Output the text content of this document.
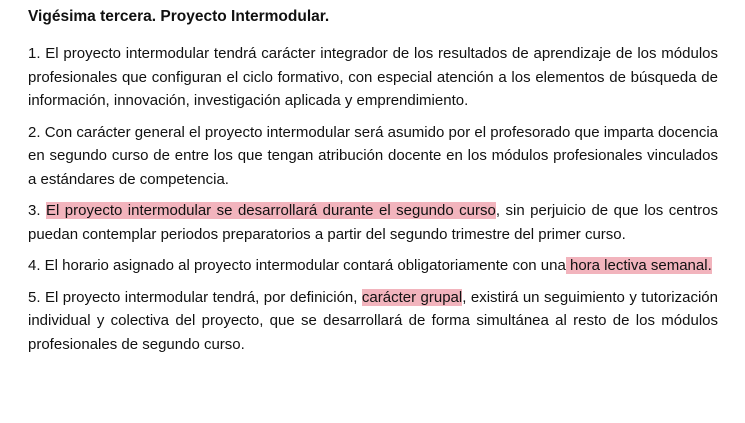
Vigésima tercera. Proyecto Intermodular.

1. El proyecto intermodular tendrá carácter integrador de los resultados de aprendizaje de los módulos profesionales que configuran el ciclo formativo, con especial atención a los elementos de búsqueda de información, innovación, investigación aplicada y emprendimiento.

2. Con carácter general el proyecto intermodular será asumido por el profesorado que imparta docencia en segundo curso de entre los que tengan atribución docente en los módulos profesionales vinculados a estándares de competencia.

3. El proyecto intermodular se desarrollará durante el segundo curso, sin perjuicio de que los centros puedan contemplar periodos preparatorios a partir del segundo trimestre del primer curso.

4. El horario asignado al proyecto intermodular contará obligatoriamente con una hora lectiva semanal.

5. El proyecto intermodular tendrá, por definición, carácter grupal, existirá un seguimiento y tutorización individual y colectiva del proyecto, que se desarrollará de forma simultánea al resto de los módulos profesionales de segundo curso.
